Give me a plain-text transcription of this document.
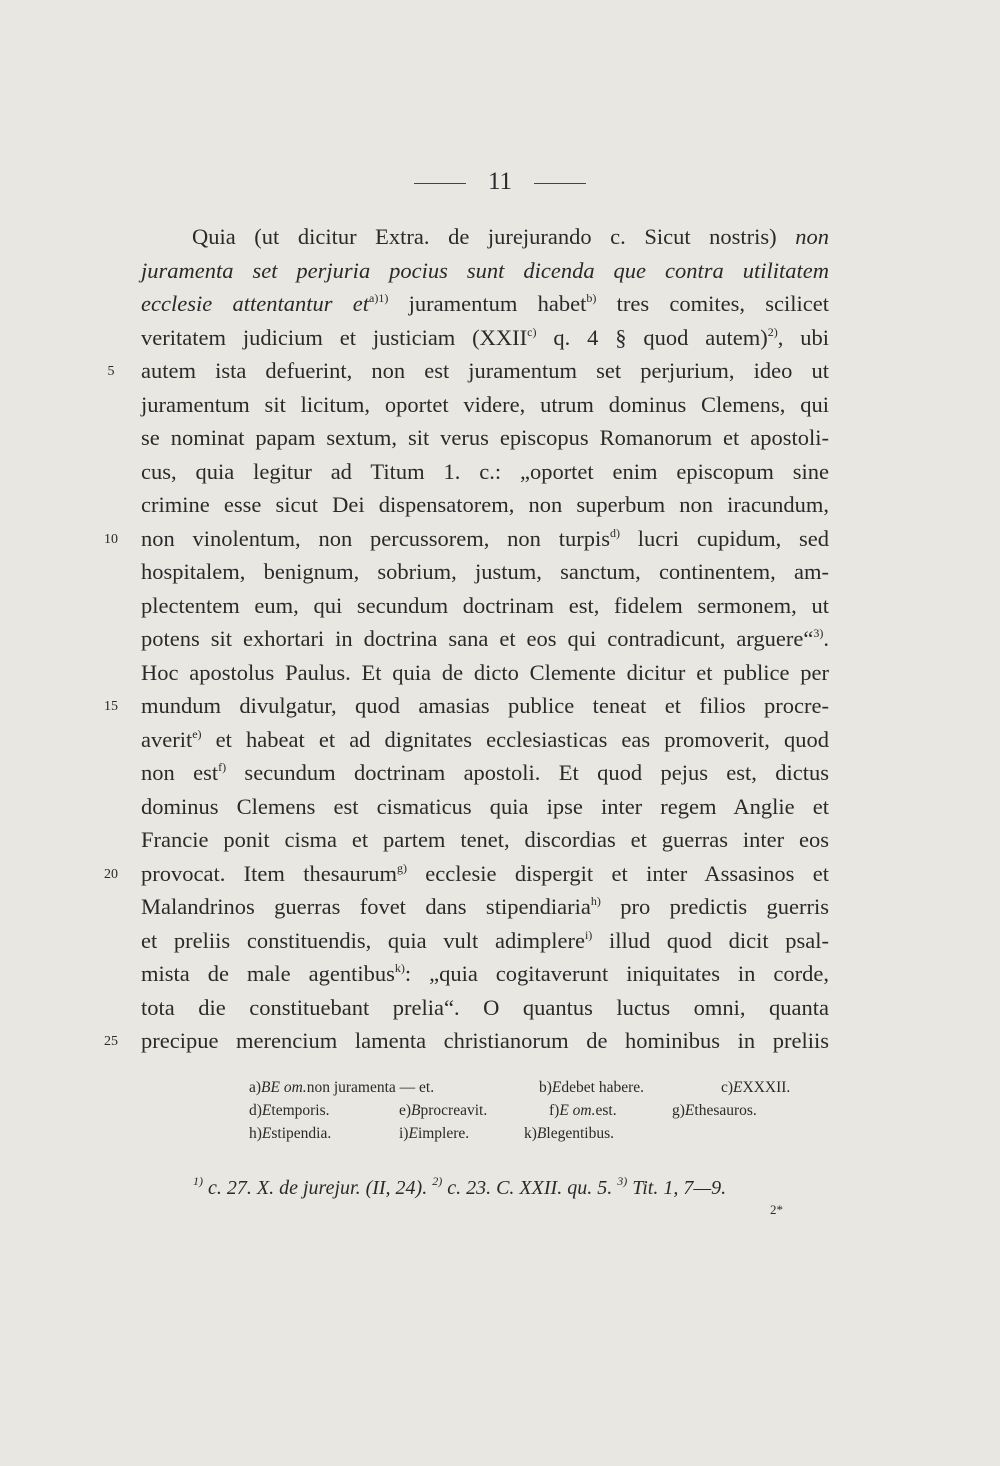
11
Quia (ut dicitur Extra. de jurejurando c. Sicut nostris) non
juramenta set perjuria pocius sunt dicenda que contra utilitatem
ecclesie attentantur $et^{a)1)}$ juramentum habet$^{b)}$ tres comites, scilicet
veritatem judicium et justiciam (XXII$^{c)}$ q. 4 § quod autem)$^{2)}$, ubi
autem ista defuerint, non est juramentum set perjurium, ideo ut
juramentum sit licitum, oportet videre, utrum dominus Clemens, qui
se nominat papam sextum, sit verus episcopus Romanorum et apostoli-
cus, quia legitur ad Titum 1. c.: „oportet enim episcopum sine
crimine esse sicut Dei dispensatorem, non superbum non iracundum,
non vinolentum, non percussorem, non turpis$^{d)}$ lucri cupidum, sed
hospitalem, benignum, sobrium, justum, sanctum, continentem, am-
plectentem eum, qui secundum doctrinam est, fidelem sermonem, ut
potens sit exhortari in doctrina sana et eos qui contradicunt, arguere“$^{3)}$.
Hoc apostolus Paulus. Et quia de dicto Clemente dicitur et publice per
mundum divulgatur, quod amasias publice teneat et filios procre-
averit$^{e)}$ et habeat et ad dignitates ecclesiasticas eas promoverit, quod
non est$^{f)}$ secundum doctrinam apostoli. Et quod pejus est, dictus
dominus Clemens est cismaticus quia ipse inter regem Anglie et
Francie ponit cisma et partem tenet, discordias et guerras inter eos
provocat. Item thesaurum$^{g)}$ ecclesie dispergit et inter Assasinos et
Malandrinos guerras fovet dans stipendiaria$^{h)}$ pro predictis guerris
et preliis constituendis, quia vult adimplere$^{i)}$ illud quod dicit psal-
mista de male agentibus$^{k)}$: „quia cogitaverunt iniquitates in corde,
tota die constituebant prelia“. O quantus luctus omni, quanta
precipue merencium lamenta christianorum de hominibus in preliis
5
10
15
20
25
a)BE om.non juramenta — et.	b)Edebet habere.	c)EXXXII.
d)Etemporis.	e)Bprocreavit.	f)E om.est.	g)Ethesauros.
h)Estipendia.	i)Eimplere.	k)Blegentibus.
$^{1)}$ c. 27. X. de jurejur. (II, 24). $^{2)}$ c. 23. C. XXII. qu. 5. $^{3)}$ Tit. 1, 7—9.
2*
